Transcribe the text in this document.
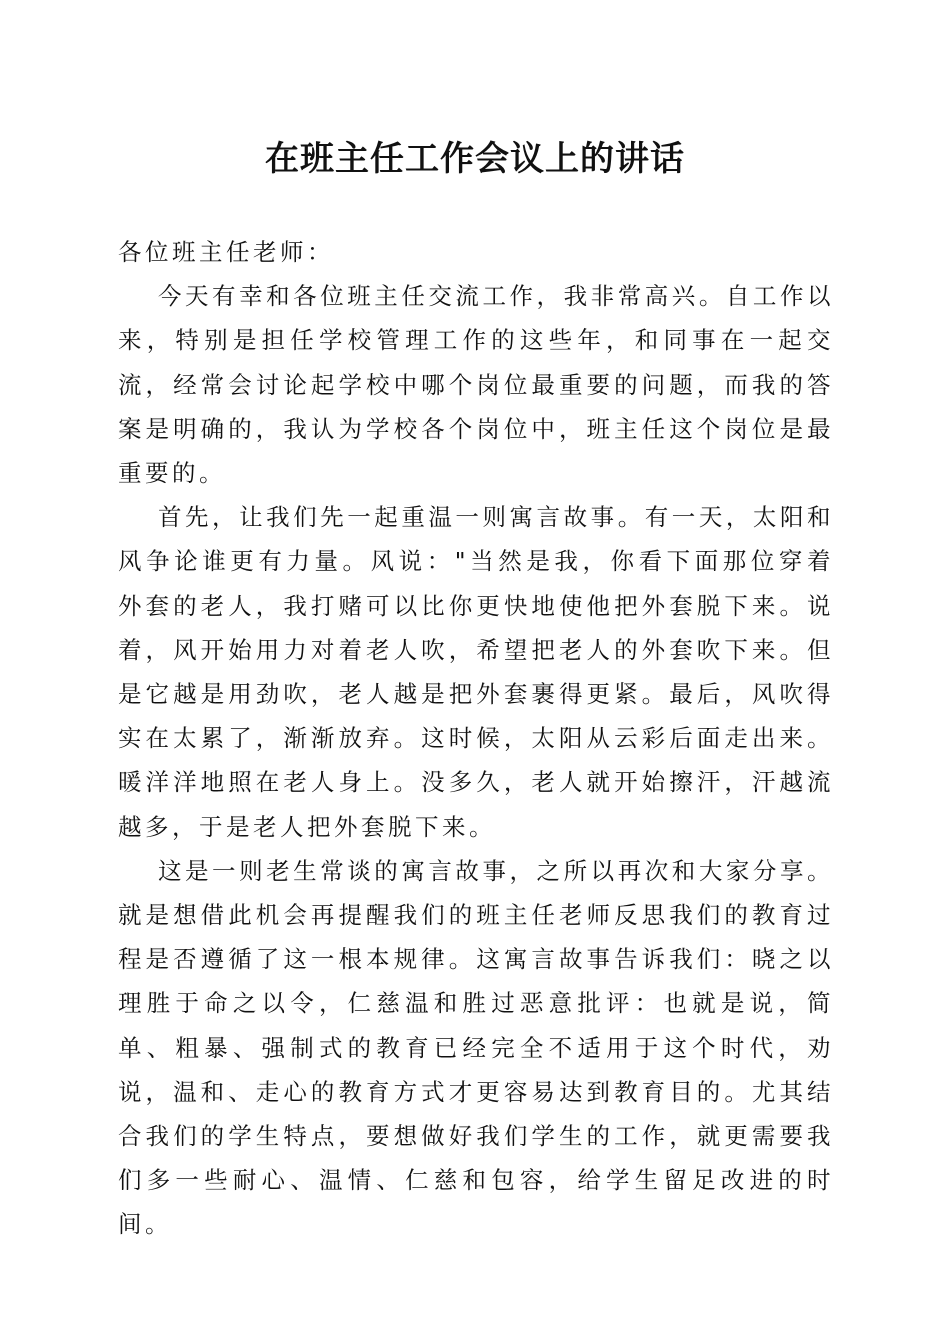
在班主任工作会议上的讲话

各位班主任老师：

今天有幸和各位班主任交流工作，我非常高兴。自工作以来，特别是担任学校管理工作的这些年，和同事在一起交流，经常会讨论起学校中哪个岗位最重要的问题，而我的答案是明确的，我认为学校各个岗位中，班主任这个岗位是最重要的。

首先，让我们先一起重温一则寓言故事。有一天，太阳和风争论谁更有力量。风说："当然是我，你看下面那位穿着外套的老人，我打赌可以比你更快地使他把外套脱下来。说着，风开始用力对着老人吹，希望把老人的外套吹下来。但是它越是用劲吹，老人越是把外套裹得更紧。最后，风吹得实在太累了，渐渐放弃。这时候，太阳从云彩后面走出来。暖洋洋地照在老人身上。没多久，老人就开始擦汗，汗越流越多，于是老人把外套脱下来。

这是一则老生常谈的寓言故事，之所以再次和大家分享。就是想借此机会再提醒我们的班主任老师反思我们的教育过程是否遵循了这一根本规律。这寓言故事告诉我们：晓之以理胜于命之以令，仁慈温和胜过恶意批评：也就是说，简单、粗暴、强制式的教育已经完全不适用于这个时代，劝说，温和、走心的教育方式才更容易达到教育目的。尤其结合我们的学生特点，要想做好我们学生的工作，就更需要我们多一些耐心、温情、仁慈和包容，给学生留足改进的时间。
